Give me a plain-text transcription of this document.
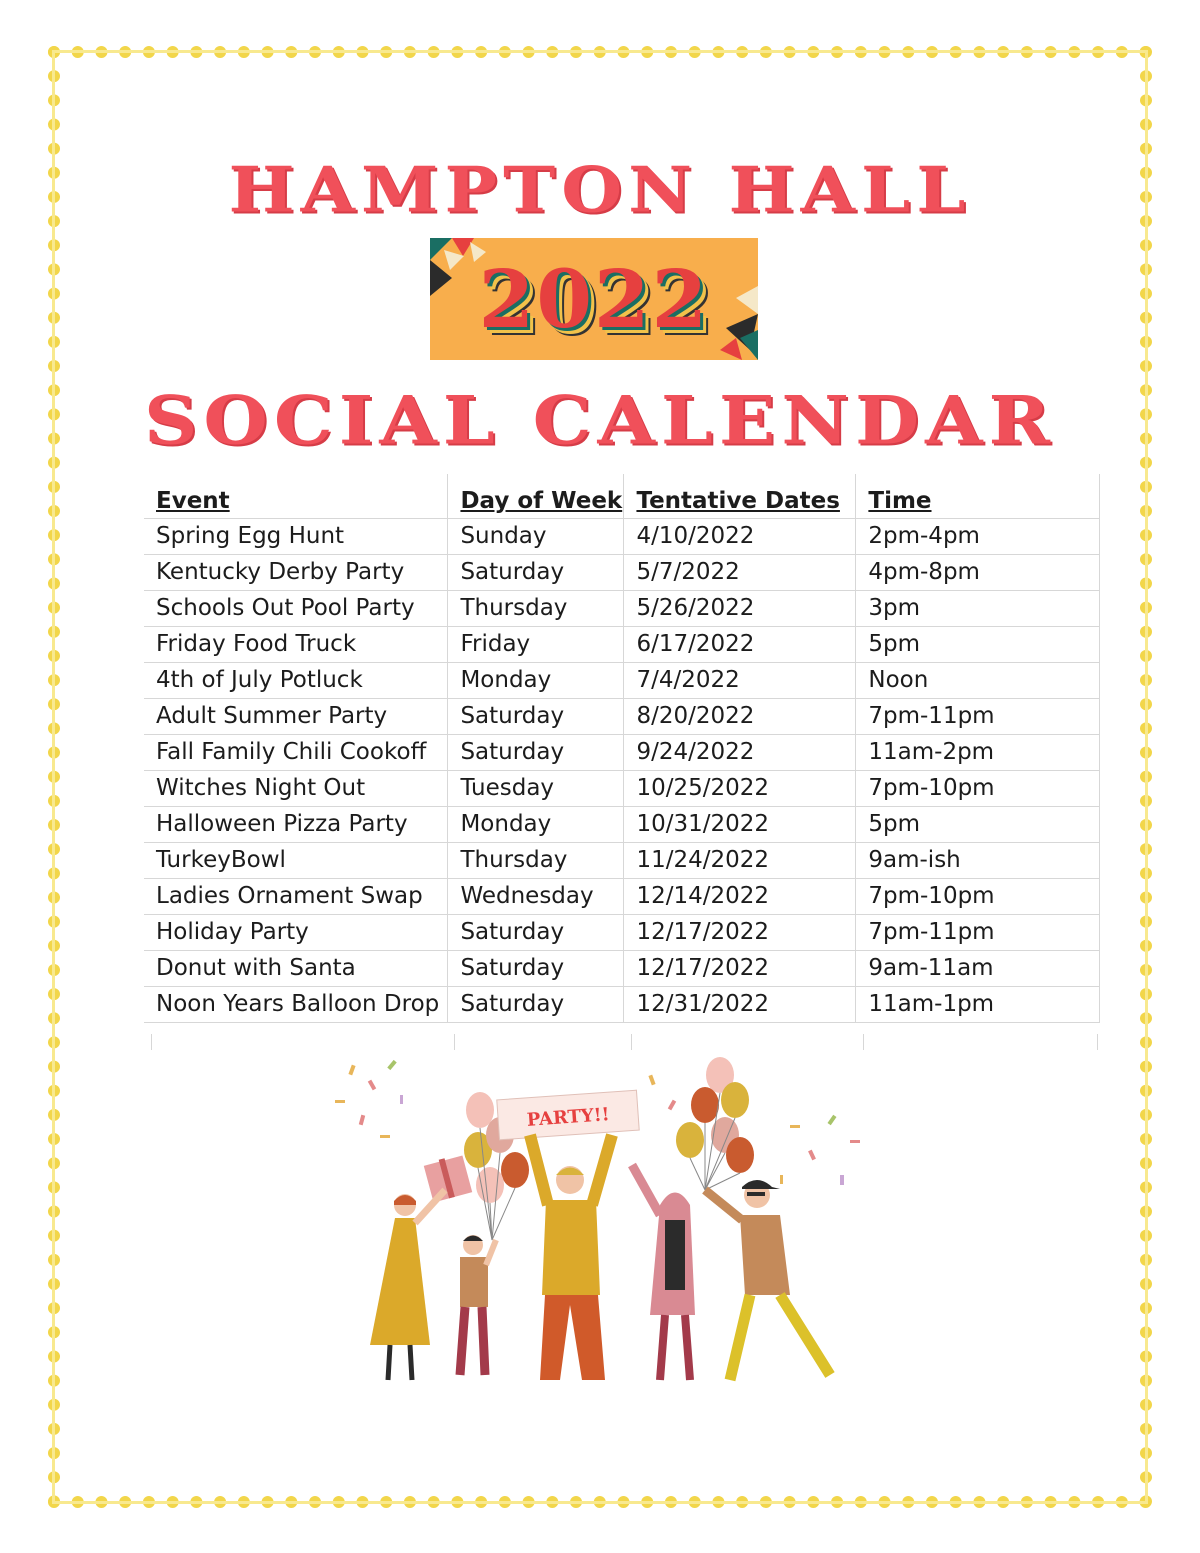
HAMPTON HALL
2022
SOCIAL CALENDAR
Event	Day of Week	Tentative Dates	Time
Spring Egg Hunt	Sunday	4/10/2022	2pm-4pm
Kentucky Derby Party	Saturday	5/7/2022	4pm-8pm
Schools Out Pool Party	Thursday	5/26/2022	3pm
Friday Food Truck	Friday	6/17/2022	5pm
4th of July Potluck	Monday	7/4/2022	Noon
Adult Summer Party	Saturday	8/20/2022	7pm-11pm
Fall Family Chili Cookoff	Saturday	9/24/2022	11am-2pm
Witches Night Out	Tuesday	10/25/2022	7pm-10pm
Halloween Pizza Party	Monday	10/31/2022	5pm
TurkeyBowl	Thursday	11/24/2022	9am-ish
Ladies Ornament Swap	Wednesday	12/14/2022	7pm-10pm
Holiday Party	Saturday	12/17/2022	7pm-11pm
Donut with Santa	Saturday	12/17/2022	9am-11am
Noon Years Balloon Drop	Saturday	12/31/2022	11am-1pm
PARTY!!
